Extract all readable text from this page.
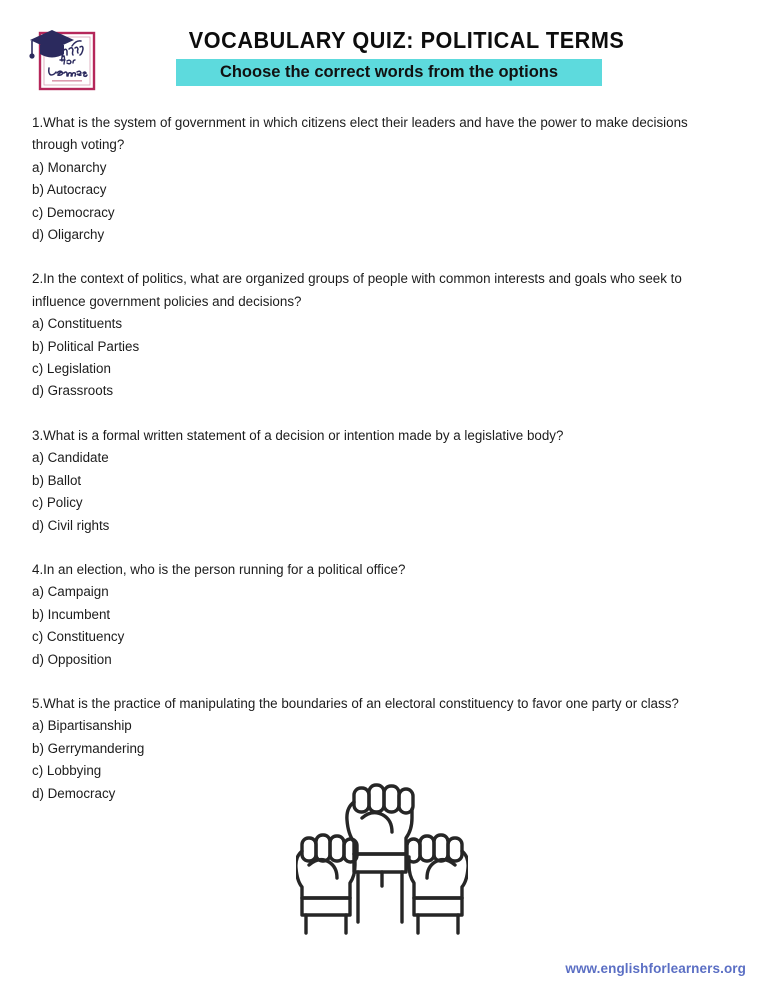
VOCABULARY QUIZ: POLITICAL TERMS
Choose the correct words from the options

1.What is the system of government in which citizens elect their leaders and have the power to make decisions through voting?

a) Monarchy
b) Autocracy
c) Democracy
d) Oligarchy

2.In the context of politics, what are organized groups of people with common interests and goals who seek to influence government policies and decisions?

a) Constituents
b) Political Parties
c) Legislation
d) Grassroots

3.What is a formal written statement of a decision or intention made by a legislative body?

a) Candidate
b) Ballot
c) Policy
d) Civil rights

4.In an election, who is the person running for a political office?

a) Campaign
b) Incumbent
c) Constituency
d) Opposition

5.What is the practice of manipulating the boundaries of an electoral constituency to favor one party or class?

a) Bipartisanship
b) Gerrymandering
c) Lobbying
d) Democracy
www.englishforlearners.org
